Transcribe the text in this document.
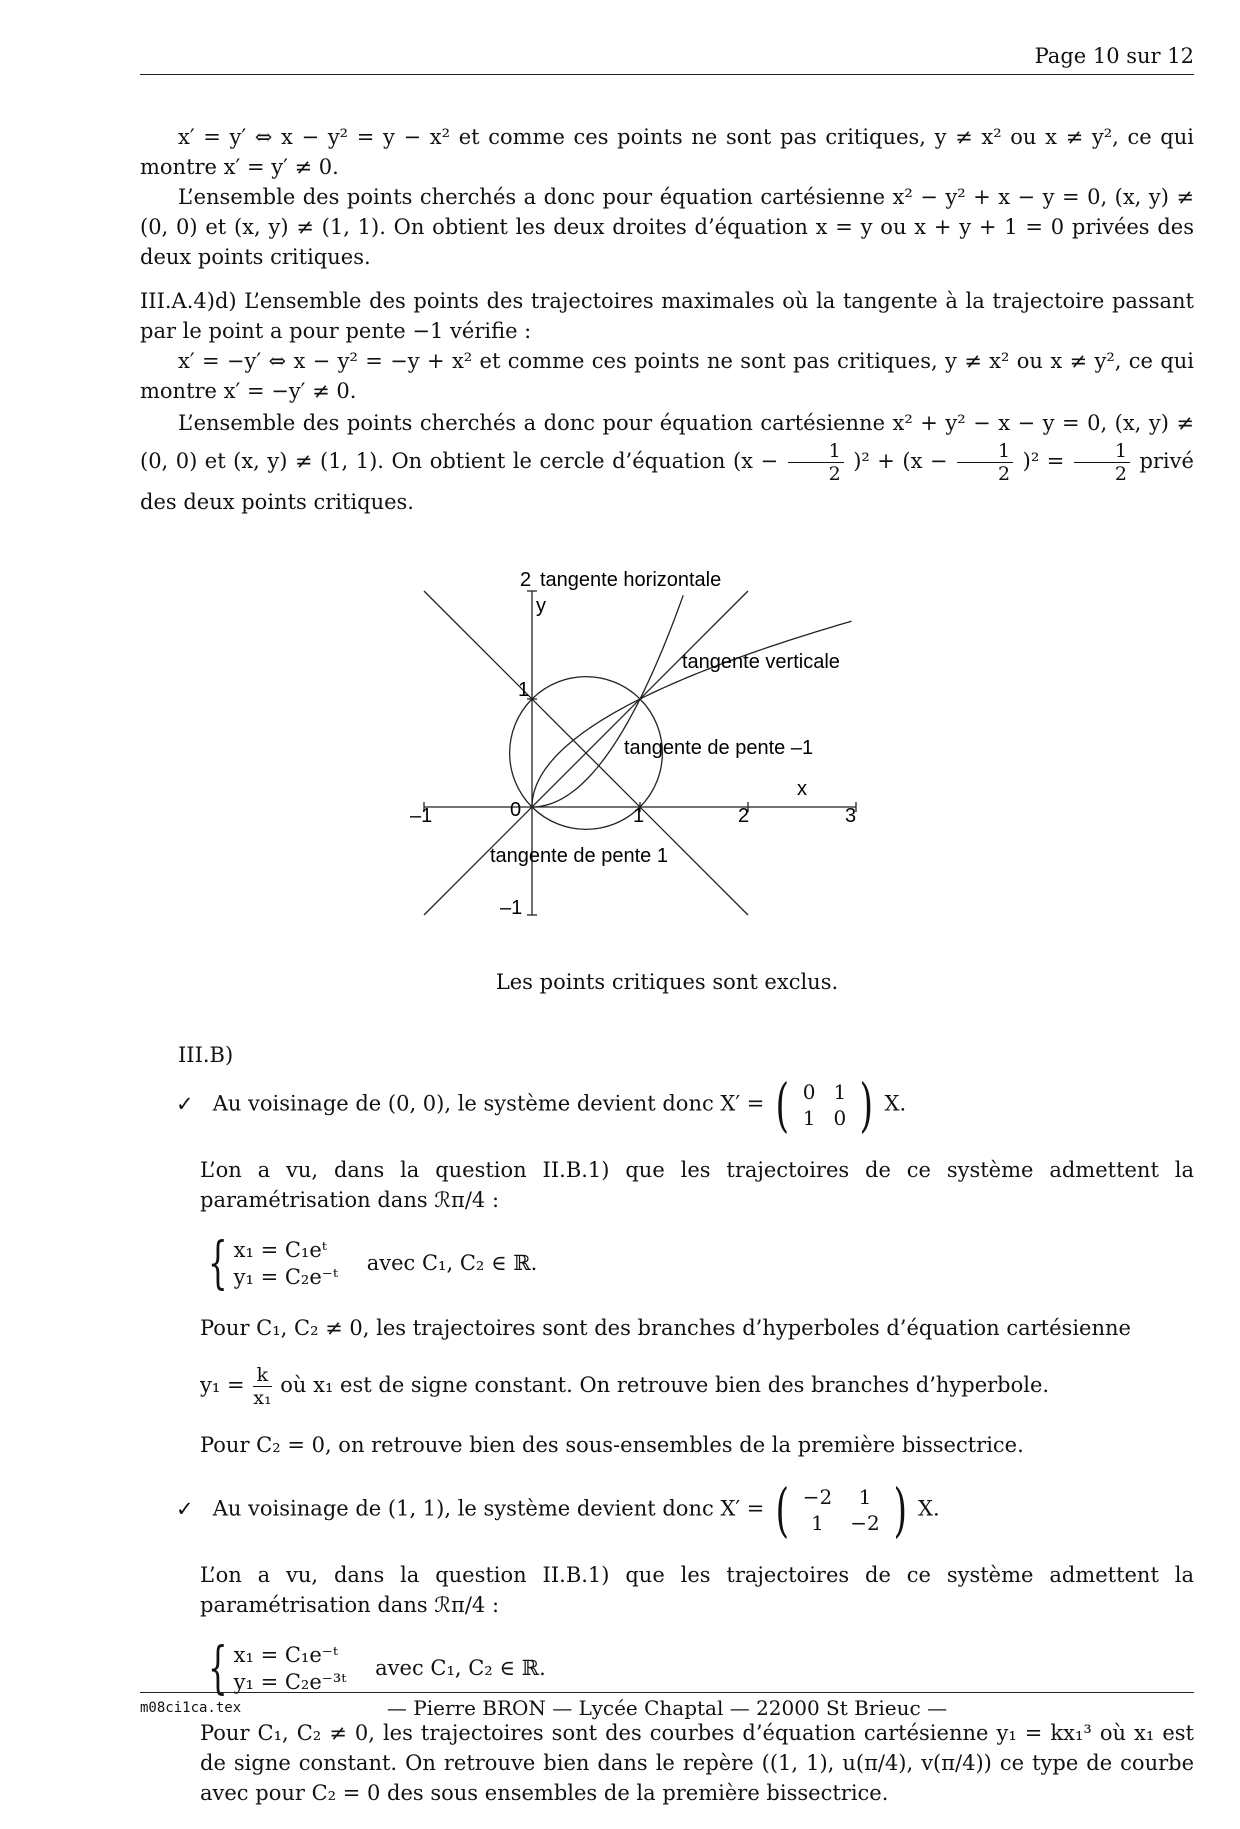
Page 10 sur 12

x′ = y′ ⇔ x − y² = y − x² et comme ces points ne sont pas critiques, y ≠ x² ou x ≠ y², ce qui montre x′ = y′ ≠ 0.

L’ensemble des points cherchés a donc pour équation cartésienne x² − y² + x − y = 0, (x, y) ≠ (0, 0) et (x, y) ≠ (1, 1). On obtient les deux droites d’équation x = y ou x + y + 1 = 0 privées des deux points critiques.

III.A.4)d) L’ensemble des points des trajectoires maximales où la tangente à la trajectoire passant par le point a pour pente −1 vérifie :

x′ = −y′ ⇔ x − y² = −y + x² et comme ces points ne sont pas critiques, y ≠ x² ou x ≠ y², ce qui montre x′ = −y′ ≠ 0.

L’ensemble des points cherchés a donc pour équation cartésienne x² + y² − x − y = 0, (x, y) ≠ (0, 0) et (x, y) ≠ (1, 1). On obtient le cercle d’équation $(x - \frac{1}{2} )^2 + (x - \frac{1}{2} )^2 = \frac{1}{2}$ privé des deux points critiques.

2 tangente horizontale
y
tangente verticale
1
tangente de pente –1
x
–1	0	1	2	3
tangente de pente 1
–1
Les points critiques sont exclus.
III.B)
✓ Au voisinage de (0, 0), le système devient donc X′ = ( 0	1
1	0 ) X.

L’on a vu, dans la question II.B.1) que les trajectoires de ce système admettent la paramétrisation dans ℛπ/4 :

{ x₁ = C₁eᵗ
y₁ = C₂e⁻ᵗ
avec C₁, C₂ ∈ ℝ.

Pour C₁, C₂ ≠ 0, les trajectoires sont des branches d’hyperboles d’équation cartésienne

$y_1 = \frac{k}{\text{x₁}}$ où x₁ est de signe constant. On retrouve bien des branches d’hyperbole.

Pour C₂ = 0, on retrouve bien des sous-ensembles de la première bissectrice.

✓ Au voisinage de (1, 1), le système devient donc X′ = ( −2	1
1	−2 ) X.

L’on a vu, dans la question II.B.1) que les trajectoires de ce système admettent la paramétrisation dans ℛπ/4 :

{ x₁ = C₁e⁻ᵗ
y₁ = C₂e⁻³ᵗ
avec C₁, C₂ ∈ ℝ.

Pour C₁, C₂ ≠ 0, les trajectoires sont des courbes d’équation cartésienne y₁ = kx₁³ où x₁ est de signe constant. On retrouve bien dans le repère ((1, 1), u(π/4), v(π/4)) ce type de courbe avec pour C₂ = 0 des sous ensembles de la première bissectrice.

m08ci1ca.tex	— Pierre BRON — Lycée Chaptal — 22000 St Brieuc —
